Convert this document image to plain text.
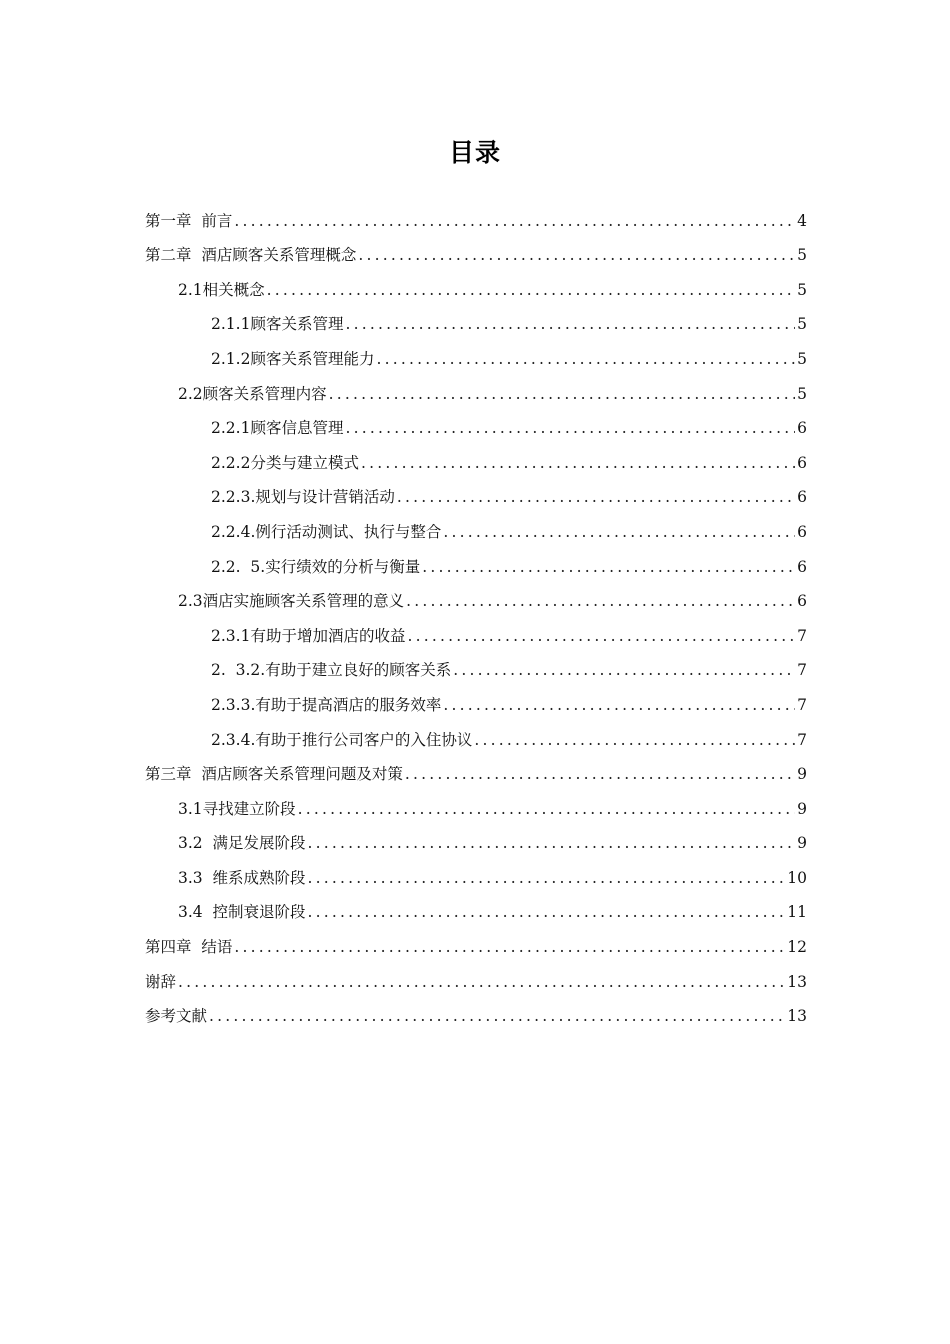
目录
第一章  前言 .....	4
第二章  酒店顾客关系管理概念 .....	5
2.1相关概念 .....	5
2.1.1顾客关系管理 .....	5
2.1.2顾客关系管理能力 .....	5
2.2顾客关系管理内容 .....	5
2.2.1顾客信息管理 .....	6
2.2.2分类与建立模式 .....	6
2.2.3.规划与设计营销活动 .....	6
2.2.4.例行活动测试、执行与整合 .....	6
2.2.  5.实行绩效的分析与衡量 .....	6
2.3酒店实施顾客关系管理的意义 .....	6
2.3.1有助于增加酒店的收益 .....	7
2.  3.2.有助于建立良好的顾客关系 .....	7
2.3.3.有助于提高酒店的服务效率 .....	7
2.3.4.有助于推行公司客户的入住协议 .....	7
第三章  酒店顾客关系管理问题及对策 .....	9
3.1寻找建立阶段 .....	9
3.2  满足发展阶段 .....	9
3.3  维系成熟阶段 .....	10
3.4  控制衰退阶段 .....	11
第四章  结语 .....	12
谢辞 .....	13
参考文献 .....	13
